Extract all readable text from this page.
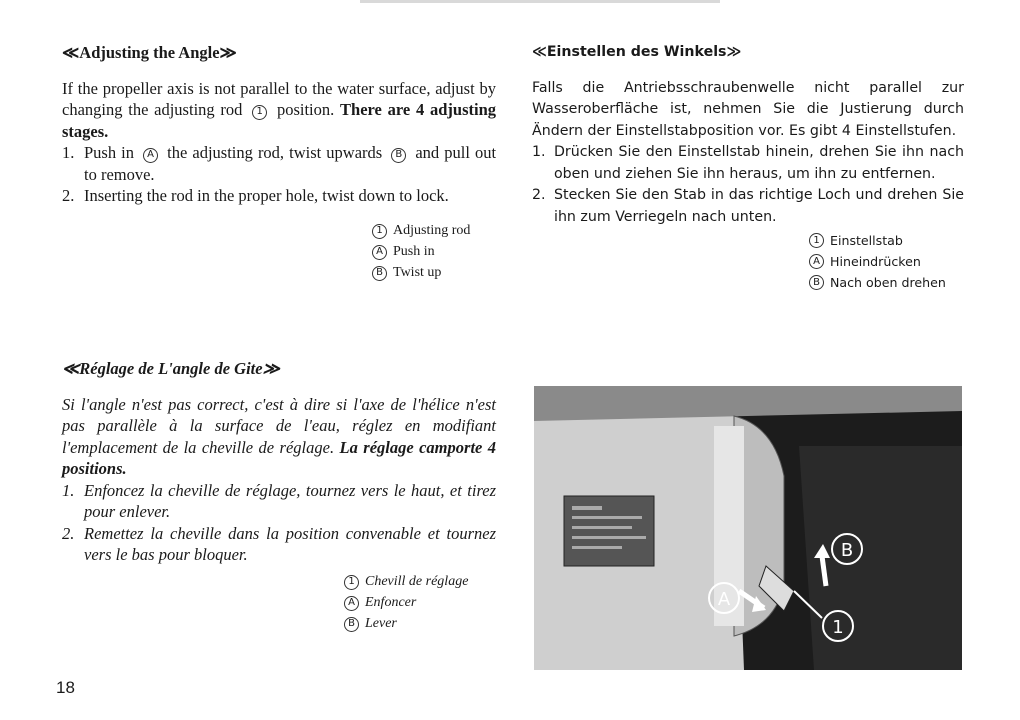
≪Adjusting the Angle≫
If the propeller axis is not parallel to the water surface, adjust by changing the adjusting rod 1 position. There are 4 adjusting stages.
1. Push in A the adjusting rod, twist upwards B and pull out to remove.
2. Inserting the rod in the proper hole, twist down to lock.
1 Adjusting rod
A Push in
B Twist up
≪Einstellen des Winkels≫
Falls die Antriebsschraubenwelle nicht parallel zur Wasseroberfläche ist, nehmen Sie die Justierung durch Ändern der Einstellstabposition vor. Es gibt 4 Einstellstufen.
1. Drücken Sie den Einstellstab hinein, drehen Sie ihn nach oben und ziehen Sie ihn heraus, um ihn zu entfernen.
2. Stecken Sie den Stab in das richtige Loch und drehen Sie ihn zum Verriegeln nach unten.
1 Einstellstab
A Hineindrücken
B Nach oben drehen
≪Réglage de L'angle de Gite≫
Si l'angle n'est pas correct, c'est à dire si l'axe de l'hélice n'est pas parallèle à la surface de l'eau, réglez en modifiant l'emplacement de la cheville de réglage. La réglage camporte 4 positions.
1. Enfoncez la cheville de réglage, tournez vers le haut, et tirez pour enlever.
2. Remettez la cheville dans la position convenable et tournez vers le bas pour bloquer.
1 Chevill de réglage
A Enfoncer
B Lever
A
B
1
18
